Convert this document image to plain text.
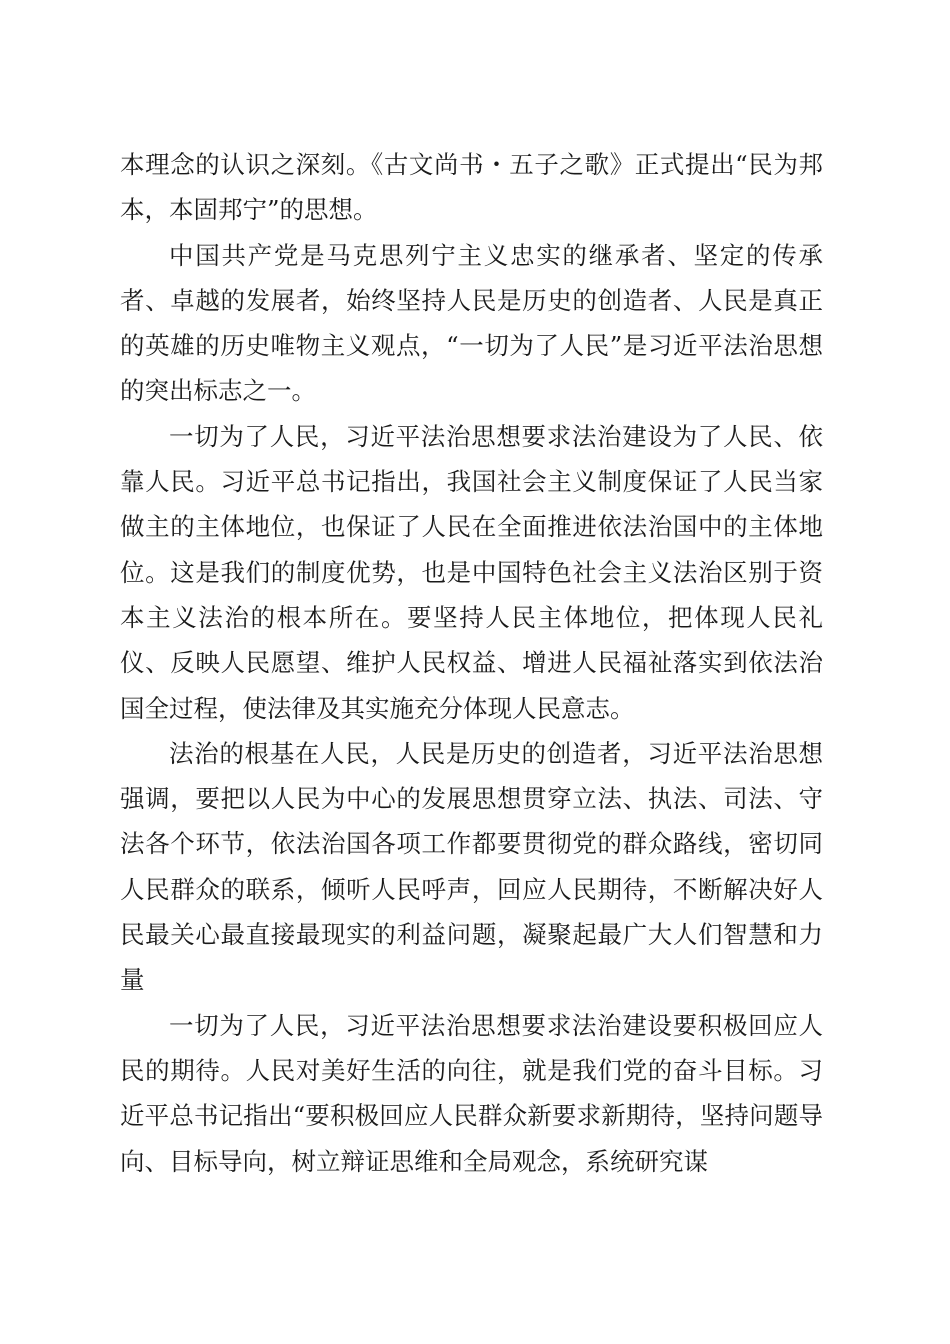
本理念的认识之深刻。《古文尚书・五子之歌》正式提出“民为邦本，本固邦宁”的思想。

中国共产党是马克思列宁主义忠实的继承者、坚定的传承者、卓越的发展者，始终坚持人民是历史的创造者、人民是真正的英雄的历史唯物主义观点，“一切为了人民”是习近平法治思想的突出标志之一。

一切为了人民，习近平法治思想要求法治建设为了人民、依靠人民。习近平总书记指出，我国社会主义制度保证了人民当家做主的主体地位，也保证了人民在全面推进依法治国中的主体地位。这是我们的制度优势，也是中国特色社会主义法治区别于资本主义法治的根本所在。要坚持人民主体地位，把体现人民礼仪、反映人民愿望、维护人民权益、增进人民福祉落实到依法治国全过程，使法律及其实施充分体现人民意志。

法治的根基在人民，人民是历史的创造者，习近平法治思想强调，要把以人民为中心的发展思想贯穿立法、执法、司法、守法各个环节，依法治国各项工作都要贯彻党的群众路线，密切同人民群众的联系，倾听人民呼声，回应人民期待，不断解决好人民最关心最直接最现实的利益问题，凝聚起最广大人们智慧和力量

一切为了人民，习近平法治思想要求法治建设要积极回应人民的期待。人民对美好生活的向往，就是我们党的奋斗目标。习近平总书记指出“要积极回应人民群众新要求新期待，坚持问题导向、目标导向，树立辩证思维和全局观念，系统研究谋
